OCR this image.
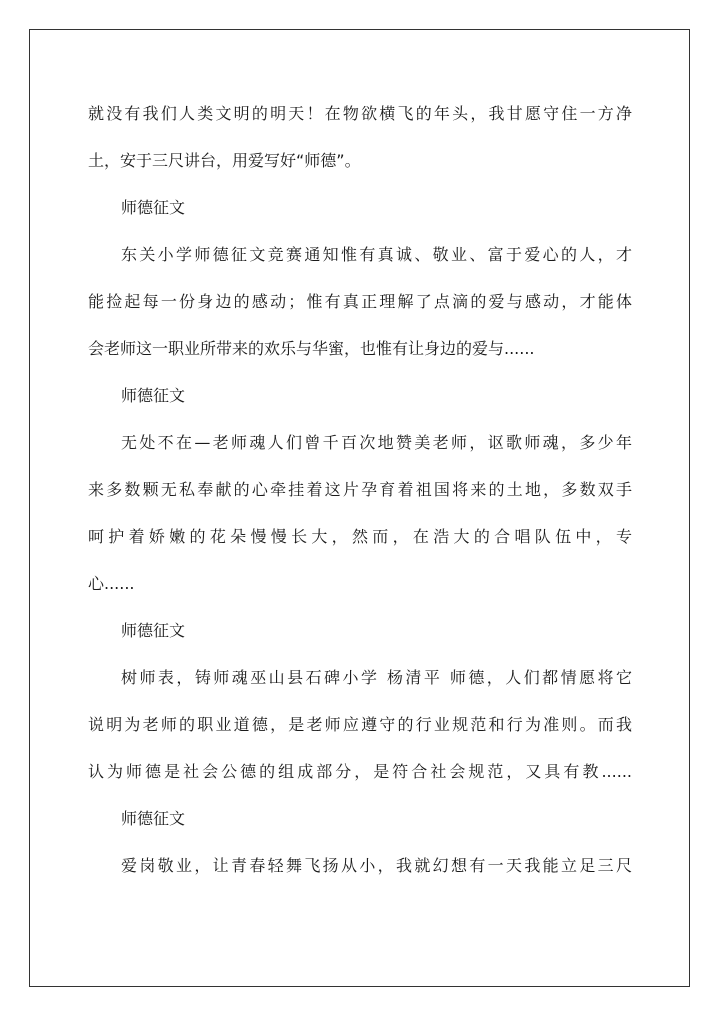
就没有我们人类文明的明天！在物欲横飞的年头，我甘愿守住一方净
土，安于三尺讲台，用爱写好“师德”。
师德征文
东关小学师德征文竞赛通知惟有真诚、敬业、富于爱心的人，才
能捡起每一份身边的感动；惟有真正理解了点滴的爱与感动，才能体
会老师这一职业所带来的欢乐与华蜜，也惟有让身边的爱与......
师德征文
无处不在—老师魂人们曾千百次地赞美老师，讴歌师魂，多少年
来多数颗无私奉献的心牵挂着这片孕育着祖国将来的土地，多数双手
呵护着娇嫩的花朵慢慢长大，然而，在浩大的合唱队伍中，专
心......
师德征文
树师表，铸师魂巫山县石碑小学 杨清平 师德，人们都情愿将它
说明为老师的职业道德，是老师应遵守的行业规范和行为准则。而我
认为师德是社会公德的组成部分，是符合社会规范，又具有教......
师德征文
爱岗敬业，让青春轻舞飞扬从小，我就幻想有一天我能立足三尺
